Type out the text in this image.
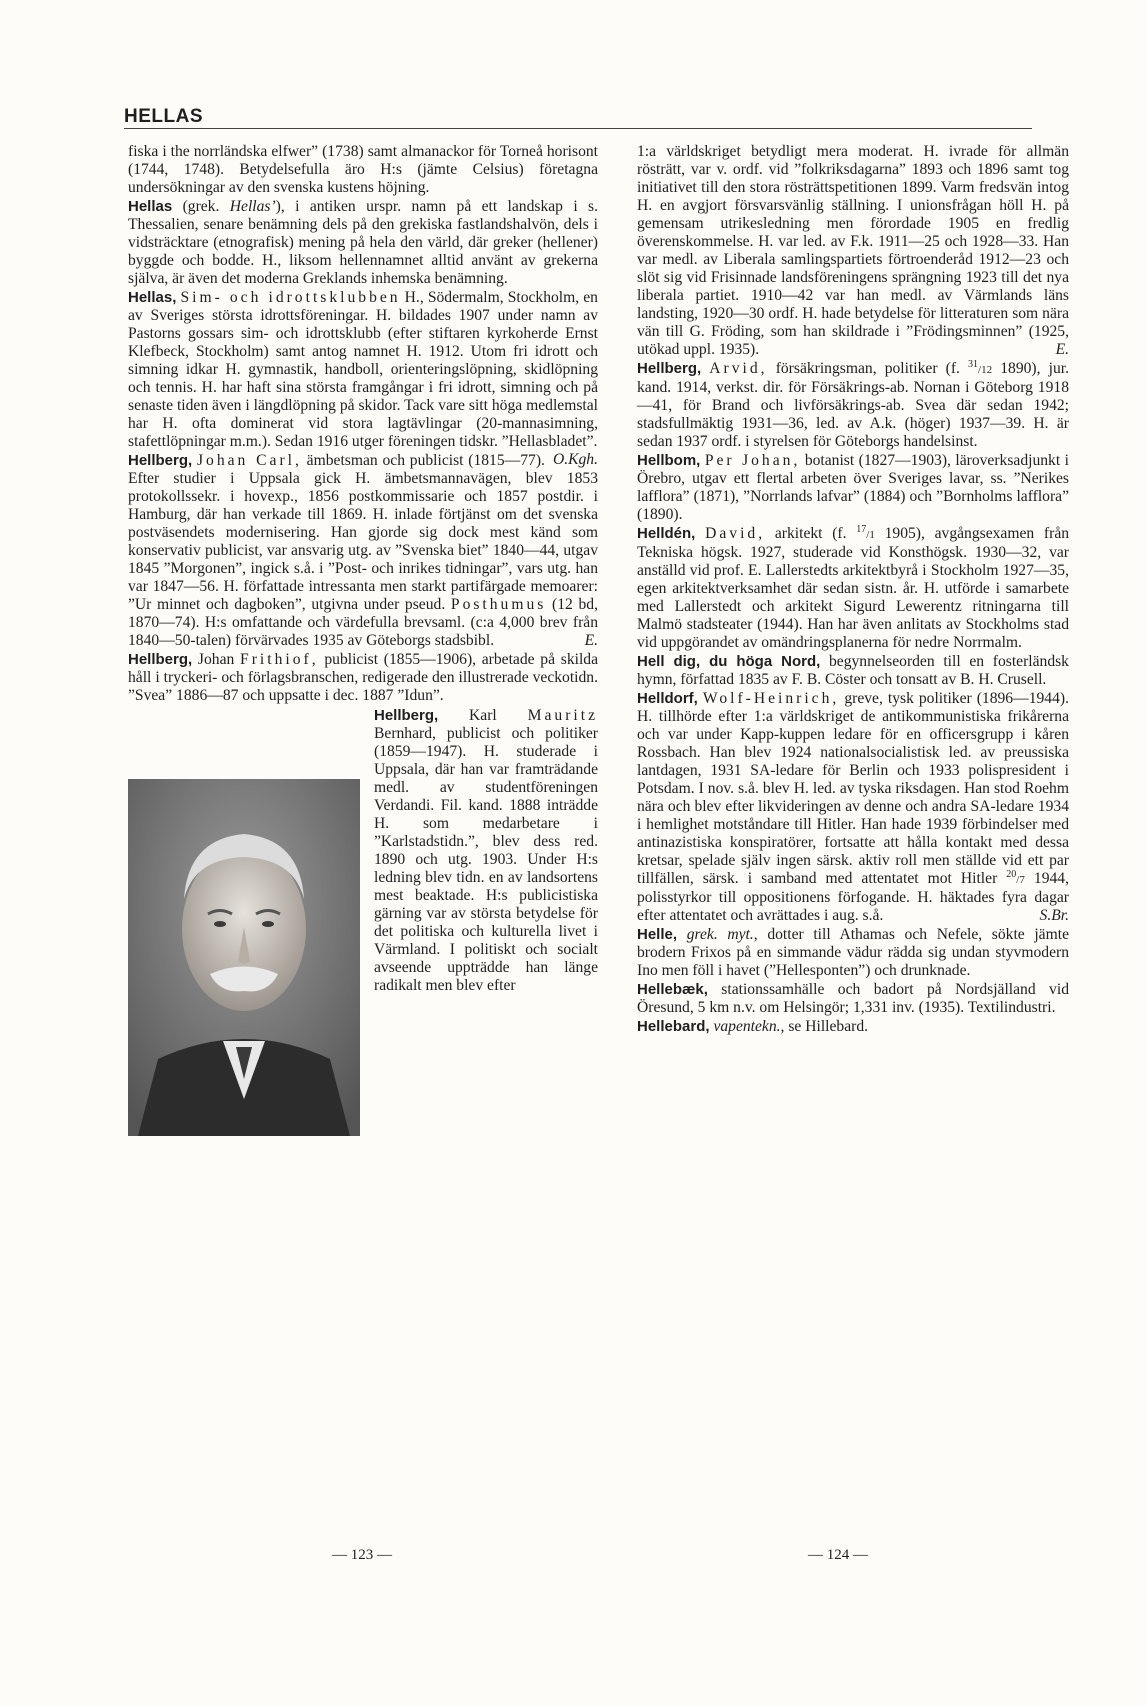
HELLAS

fiska i the norrländska elfwer” (1738) samt almanackor för Torneå horisont (1744, 1748). Betydelsefulla äro H:s (jämte Celsius) företagna undersökningar av den svenska kustens höjning.

Hellas (grek. Hellas’), i antiken urspr. namn på ett landskap i s. Thessalien, senare benämning dels på den grekiska fastlandshalvön, dels i vidsträcktare (etnografisk) mening på hela den värld, där greker (hellener) byggde och bodde. H., liksom hellennamnet alltid använt av grekerna själva, är även det moderna Greklands inhemska benämning.

Hellas, Sim- och idrottsklubben H., Södermalm, Stockholm, en av Sveriges största idrottsföreningar. H. bildades 1907 under namn av Pastorns gossars sim- och idrottsklubb (efter stiftaren kyrkoherde Ernst Klefbeck, Stockholm) samt antog namnet H. 1912. Utom fri idrott och simning idkar H. gymnastik, handboll, orienteringslöpning, skidlöpning och tennis. H. har haft sina största framgångar i fri idrott, simning och på senaste tiden även i längdlöpning på skidor. Tack vare sitt höga medlemstal har H. ofta dominerat vid stora lagtävlingar (20-mannasimning, stafettlöpningar m.m.). Sedan 1916 utger föreningen tidskr. ”Hellasbladet”.
O.Kgh.

Hellberg, Johan Carl, ämbetsman och publicist (1815—77). Efter studier i Uppsala gick H. ämbetsmannavägen, blev 1853 protokollssekr. i hovexp., 1856 postkommissarie och 1857 postdir. i Hamburg, där han verkade till 1869. H. inlade förtjänst om det svenska postväsendets modernisering. Han gjorde sig dock mest känd som konservativ publicist, var ansvarig utg. av ”Svenska biet” 1840—44, utgav 1845 ”Morgonen”, ingick s.å. i ”Post- och inrikes tidningar”, vars utg. han var 1847—56. H. författade intressanta men starkt partifärgade memoarer: ”Ur minnet och dagboken”, utgivna under pseud. Posthumus (12 bd, 1870—74). H:s omfattande och värdefulla brevsaml. (c:a 4,000 brev från 1840—50-talen) förvärvades 1935 av Göteborgs stadsbibl.	E.

Hellberg, Johan Frithiof, publicist (1855—1906), arbetade på skilda håll i tryckeri- och förlagsbranschen, redigerade den illustrerade veckotidn. ”Svea” 1886—87 och uppsatte i dec. 1887 ”Idun”.

Hellberg, Karl Mauritz Bernhard, publicist och politiker (1859—1947). H. studerade i Uppsala, där han var framträdande medl. av studentföreningen Verdandi. Fil. kand. 1888 inträdde H. som medarbetare i ”Karlstadstidn.”, blev dess red. 1890 och utg. 1903. Under H:s ledning blev tidn. en av landsortens mest beaktade. H:s publicistiska gärning var av största betydelse för det politiska och kulturella livet i Värmland. I politiskt och socialt avseende uppträdde han länge radikalt men blev efter

1:a världskriget betydligt mera moderat. H. ivrade för allmän rösträtt, var v. ordf. vid ”folkriksdagarna” 1893 och 1896 samt tog initiativet till den stora rösträttspetitionen 1899. Varm fredsvän intog H. en avgjort försvarsvänlig ställning. I unionsfrågan höll H. på gemensam utrikesledning men förordade 1905 en fredlig överenskommelse. H. var led. av F.k. 1911—25 och 1928—33. Han var medl. av Liberala samlingspartiets förtroenderåd 1912—23 och slöt sig vid Frisinnade landsföreningens sprängning 1923 till det nya liberala partiet. 1910—42 var han medl. av Värmlands läns landsting, 1920—30 ordf. H. hade betydelse för litteraturen som nära vän till G. Fröding, som han skildrade i ”Frödingsminnen” (1925, utökad uppl. 1935).	E.

Hellberg, Arvid, försäkringsman, politiker (f. $^{31}$/12 1890), jur. kand. 1914, verkst. dir. för Försäkrings-ab. Nornan i Göteborg 1918—41, för Brand och livförsäkrings-ab. Svea där sedan 1942; stadsfullmäktig 1931—36, led. av A.k. (höger) 1937—39. H. är sedan 1937 ordf. i styrelsen för Göteborgs handelsinst.

Hellbom, Per Johan, botanist (1827—1903), läroverksadjunkt i Örebro, utgav ett flertal arbeten över Sveriges lavar, ss. ”Nerikes lafflora” (1871), ”Norrlands lafvar” (1884) och ”Bornholms lafflora” (1890).

Helldén, David, arkitekt (f. $^{17}$/1 1905), avgångsexamen från Tekniska högsk. 1927, studerade vid Konsthögsk. 1930—32, var anställd vid prof. E. Lallerstedts arkitektbyrå i Stockholm 1927—35, egen arkitektverksamhet där sedan sistn. år. H. utförde i samarbete med Lallerstedt och arkitekt Sigurd Lewerentz ritningarna till Malmö stadsteater (1944). Han har även anlitats av Stockholms stad vid uppgörandet av omändringsplanerna för nedre Norrmalm.

Hell dig, du höga Nord, begynnelseorden till en fosterländsk hymn, författad 1835 av F. B. Cöster och tonsatt av B. H. Crusell.

Helldorf, Wolf-Heinrich, greve, tysk politiker (1896—1944). H. tillhörde efter 1:a världskriget de antikommunistiska frikårerna och var under Kapp-kuppen ledare för en officersgrupp i kåren Rossbach. Han blev 1924 nationalsocialistisk led. av preussiska lantdagen, 1931 SA-ledare för Berlin och 1933 polispresident i Potsdam. I nov. s.å. blev H. led. av tyska riksdagen. Han stod Roehm nära och blev efter likvideringen av denne och andra SA-ledare 1934 i hemlighet motståndare till Hitler. Han hade 1939 förbindelser med antinazistiska konspiratörer, fortsatte att hålla kontakt med dessa kretsar, spelade själv ingen särsk. aktiv roll men ställde vid ett par tillfällen, särsk. i samband med attentatet mot Hitler $^{20}$/7 1944, polisstyrkor till oppositionens förfogande. H. häktades fyra dagar efter attentatet och avrättades i aug. s.å.	S.Br.

Helle, grek. myt., dotter till Athamas och Nefele, sökte jämte brodern Frixos på en simmande vädur rädda sig undan styvmodern Ino men föll i havet (”Hellesponten”) och drunknade.

Hellebæk, stationssamhälle och badort på Nordsjälland vid Öresund, 5 km n.v. om Helsingör; 1,331 inv. (1935). Textilindustri.

Hellebard, vapentekn., se Hillebard.

— 123 —	— 124 —
